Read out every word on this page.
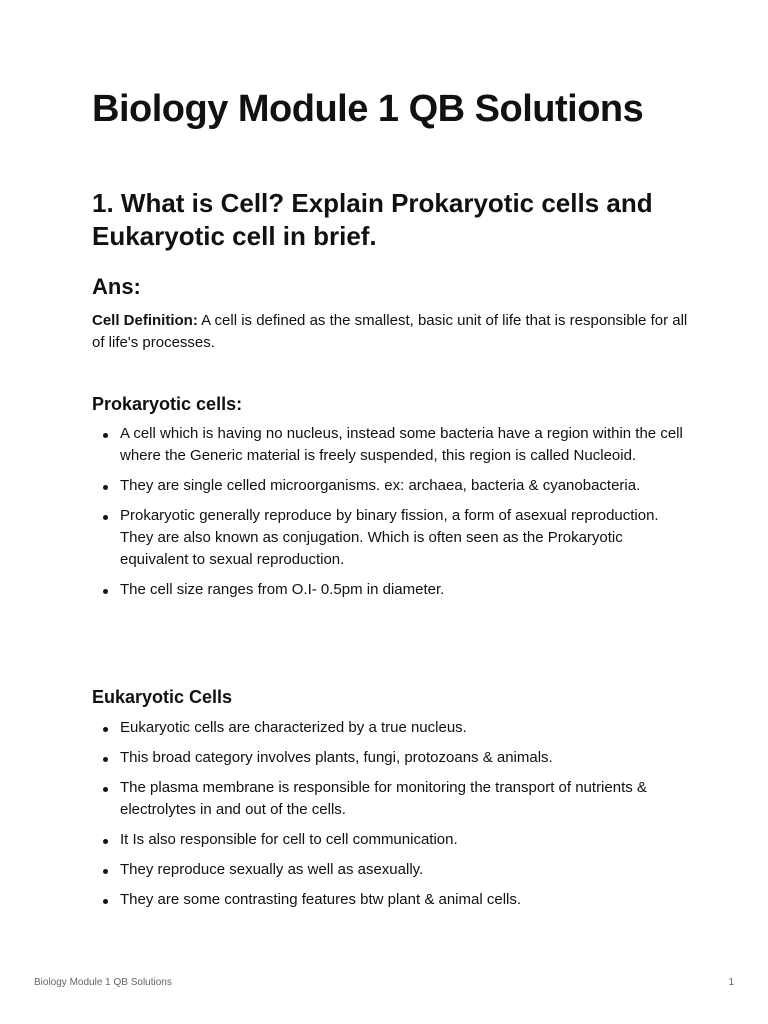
Biology Module 1 QB Solutions
1. What is Cell? Explain Prokaryotic cells and Eukaryotic cell in brief.
Ans:

Cell Definition: A cell is defined as the smallest, basic unit of life that is responsible for all of life's processes.

Prokaryotic cells:
A cell which is having no nucleus, instead some bacteria have a region within the cell where the Generic material is freely suspended, this region is called Nucleoid.
They are single celled microorganisms. ex: archaea, bacteria & cyanobacteria.
Prokaryotic generally reproduce by binary fission, a form of asexual reproduction. They are also known as conjugation. Which is often seen as the Prokaryotic equivalent to sexual reproduction.
The cell size ranges from O.I- 0.5pm in diameter.
Eukaryotic Cells
Eukaryotic cells are characterized by a true nucleus.
This broad category involves plants, fungi, protozoans & animals.
The plasma membrane is responsible for monitoring the transport of nutrients & electrolytes in and out of the cells.
It Is also responsible for cell to cell communication.
They reproduce sexually as well as asexually.
They are some contrasting features btw plant & animal cells.
Biology Module 1 QB Solutions	1
